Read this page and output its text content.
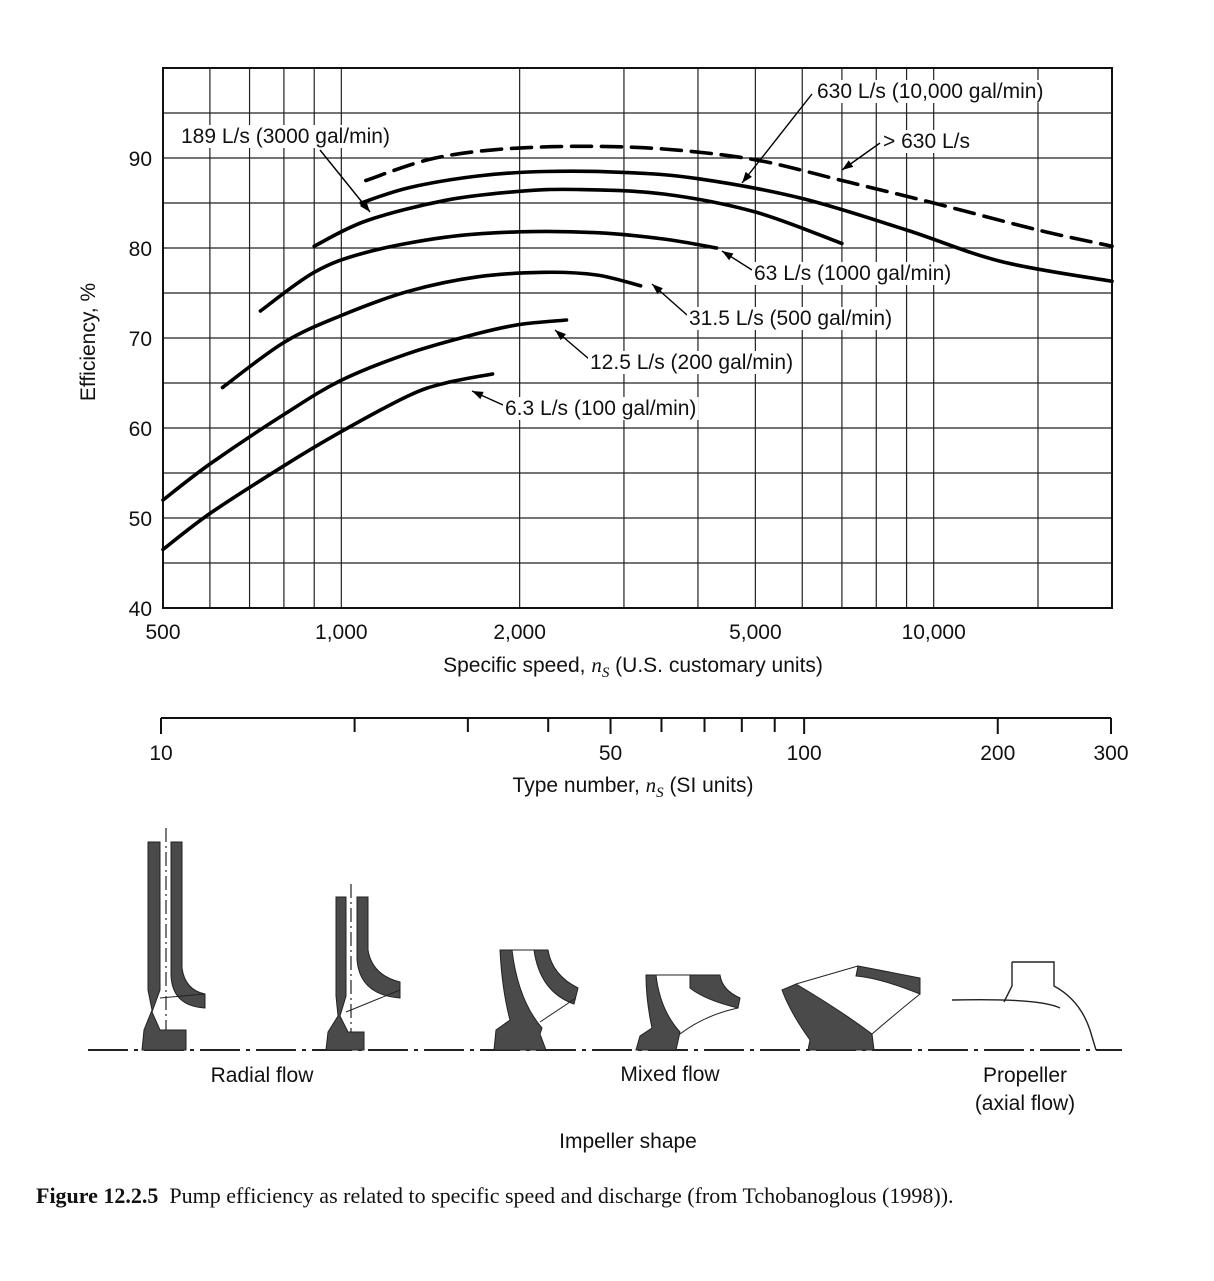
500	1,000	2,000	5,000	10,000
40
50
60
70
80
90
189 L/s (3000 gal/min)
630 L/s (10,000 gal/min)
> 630 L/s
63 L/s (1000 gal/min)
31.5 L/s (500 gal/min)
12.5 L/s (200 gal/min)
6.3 L/s (100 gal/min)
Efficiency, %
Specific speed, $n_S$ (U.S. customary units)
10	50	100	200	300
Type number, $n_S$ (SI units)
Radial flow	Mixed flow	Propeller
(axial flow)
Impeller shape
Figure 12.2.5 Pump efficiency as related to specific speed and discharge (from Tchobanoglous (1998)).
